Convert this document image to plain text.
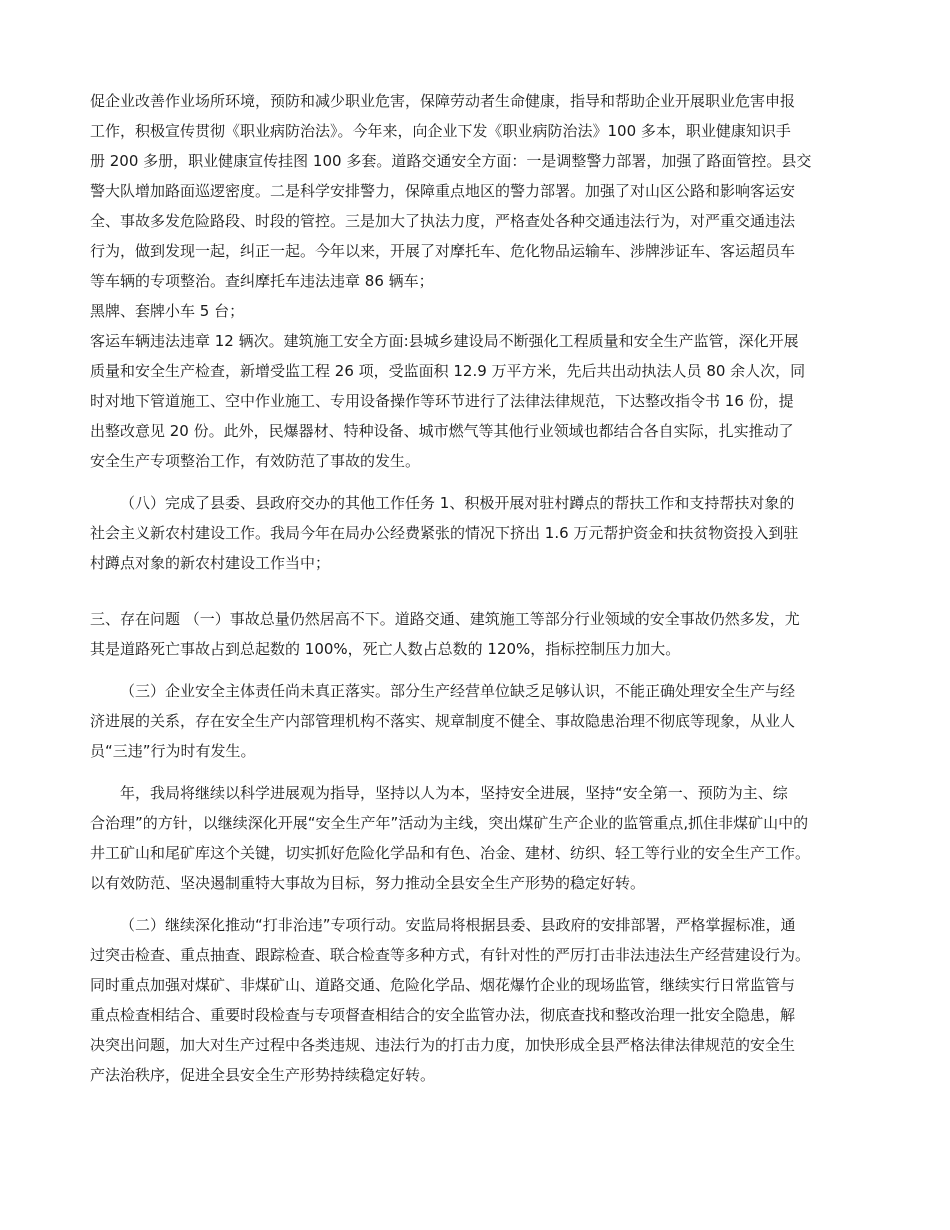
促企业改善作业场所环境，预防和减少职业危害，保障劳动者生命健康，指导和帮助企业开展职业危害申报

工作，积极宣传贯彻《职业病防治法》。今年来，向企业下发《职业病防治法》100 多本，职业健康知识手

册 200 多册，职业健康宣传挂图 100 多套。道路交通安全方面：一是调整警力部署，加强了路面管控。县交

警大队增加路面巡逻密度。二是科学安排警力，保障重点地区的警力部署。加强了对山区公路和影响客运安

全、事故多发危险路段、时段的管控。三是加大了执法力度，严格查处各种交通违法行为，对严重交通违法

行为，做到发现一起，纠正一起。今年以来，开展了对摩托车、危化物品运输车、涉牌涉证车、客运超员车

等车辆的专项整治。查纠摩托车违法违章 86 辆车；

黑牌、套牌小车 5 台；

客运车辆违法违章 12 辆次。建筑施工安全方面:县城乡建设局不断强化工程质量和安全生产监管，深化开展

质量和安全生产检查，新增受监工程 26 项，受监面积 12.9 万平方米，先后共出动执法人员 80 余人次，同

时对地下管道施工、空中作业施工、专用设备操作等环节进行了法律法律规范，下达整改指令书 16 份，提

出整改意见 20 份。此外，民爆器材、特种设备、城市燃气等其他行业领域也都结合各自实际，扎实推动了

安全生产专项整治工作，有效防范了事故的发生。

（八）完成了县委、县政府交办的其他工作任务 1、积极开展对驻村蹲点的帮扶工作和支持帮扶对象的

社会主义新农村建设工作。我局今年在局办公经费紧张的情况下挤出 1.6 万元帮护资金和扶贫物资投入到驻

村蹲点对象的新农村建设工作当中；

三、存在问题 （一）事故总量仍然居高不下。道路交通、建筑施工等部分行业领域的安全事故仍然多发，尤

其是道路死亡事故占到总起数的 100%，死亡人数占总数的 120%，指标控制压力加大。

（三）企业安全主体责任尚未真正落实。部分生产经营单位缺乏足够认识，不能正确处理安全生产与经

济进展的关系，存在安全生产内部管理机构不落实、规章制度不健全、事故隐患治理不彻底等现象，从业人

员“三违”行为时有发生。

年，我局将继续以科学进展观为指导，坚持以人为本，坚持安全进展，坚持“安全第一、预防为主、综

合治理”的方针，以继续深化开展“安全生产年”活动为主线，突出煤矿生产企业的监管重点,抓住非煤矿山中的

井工矿山和尾矿库这个关键，切实抓好危险化学品和有色、冶金、建材、纺织、轻工等行业的安全生产工作。

以有效防范、坚决遏制重特大事故为目标，努力推动全县安全生产形势的稳定好转。

（二）继续深化推动“打非治违”专项行动。安监局将根据县委、县政府的安排部署，严格掌握标准，通

过突击检查、重点抽查、跟踪检查、联合检查等多种方式，有针对性的严厉打击非法违法生产经营建设行为。

同时重点加强对煤矿、非煤矿山、道路交通、危险化学品、烟花爆竹企业的现场监管，继续实行日常监管与

重点检查相结合、重要时段检查与专项督查相结合的安全监管办法，彻底查找和整改治理一批安全隐患，解

决突出问题，加大对生产过程中各类违规、违法行为的打击力度，加快形成全县严格法律法律规范的安全生

产法治秩序，促进全县安全生产形势持续稳定好转。
